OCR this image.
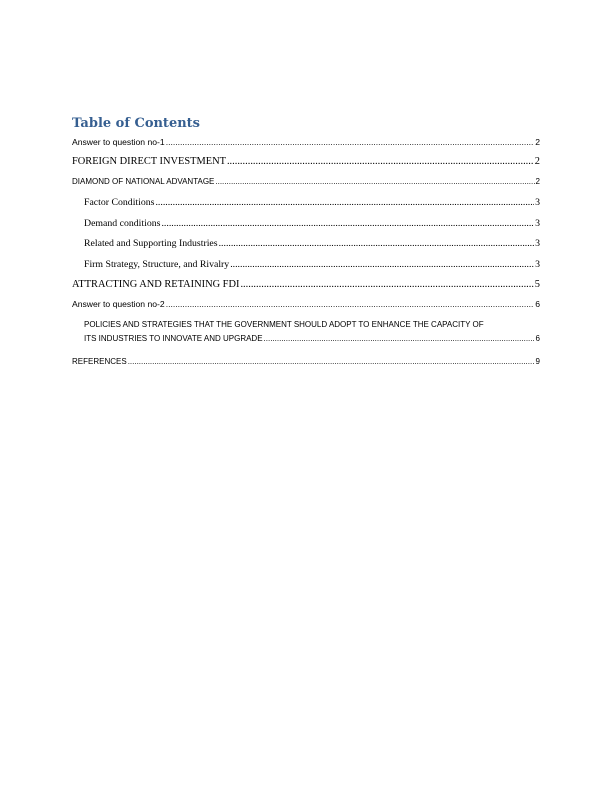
Table of Contents
Answer to question no-1 .....	2
FOREIGN DIRECT INVESTMENT .....	2
DIAMOND OF NATIONAL ADVANTAGE .....	2
Factor Conditions .....	3
Demand conditions .....	3
Related and Supporting Industries .....	3
Firm Strategy, Structure, and Rivalry .....	3
ATTRACTING AND RETAINING FDI .....	5
Answer to question no-2 .....	6
POLICIES AND STRATEGIES THAT THE GOVERNMENT SHOULD ADOPT TO ENHANCE THE CAPACITY OF
ITS INDUSTRIES TO INNOVATE AND UPGRADE .....	6
REFERENCES .....	9
